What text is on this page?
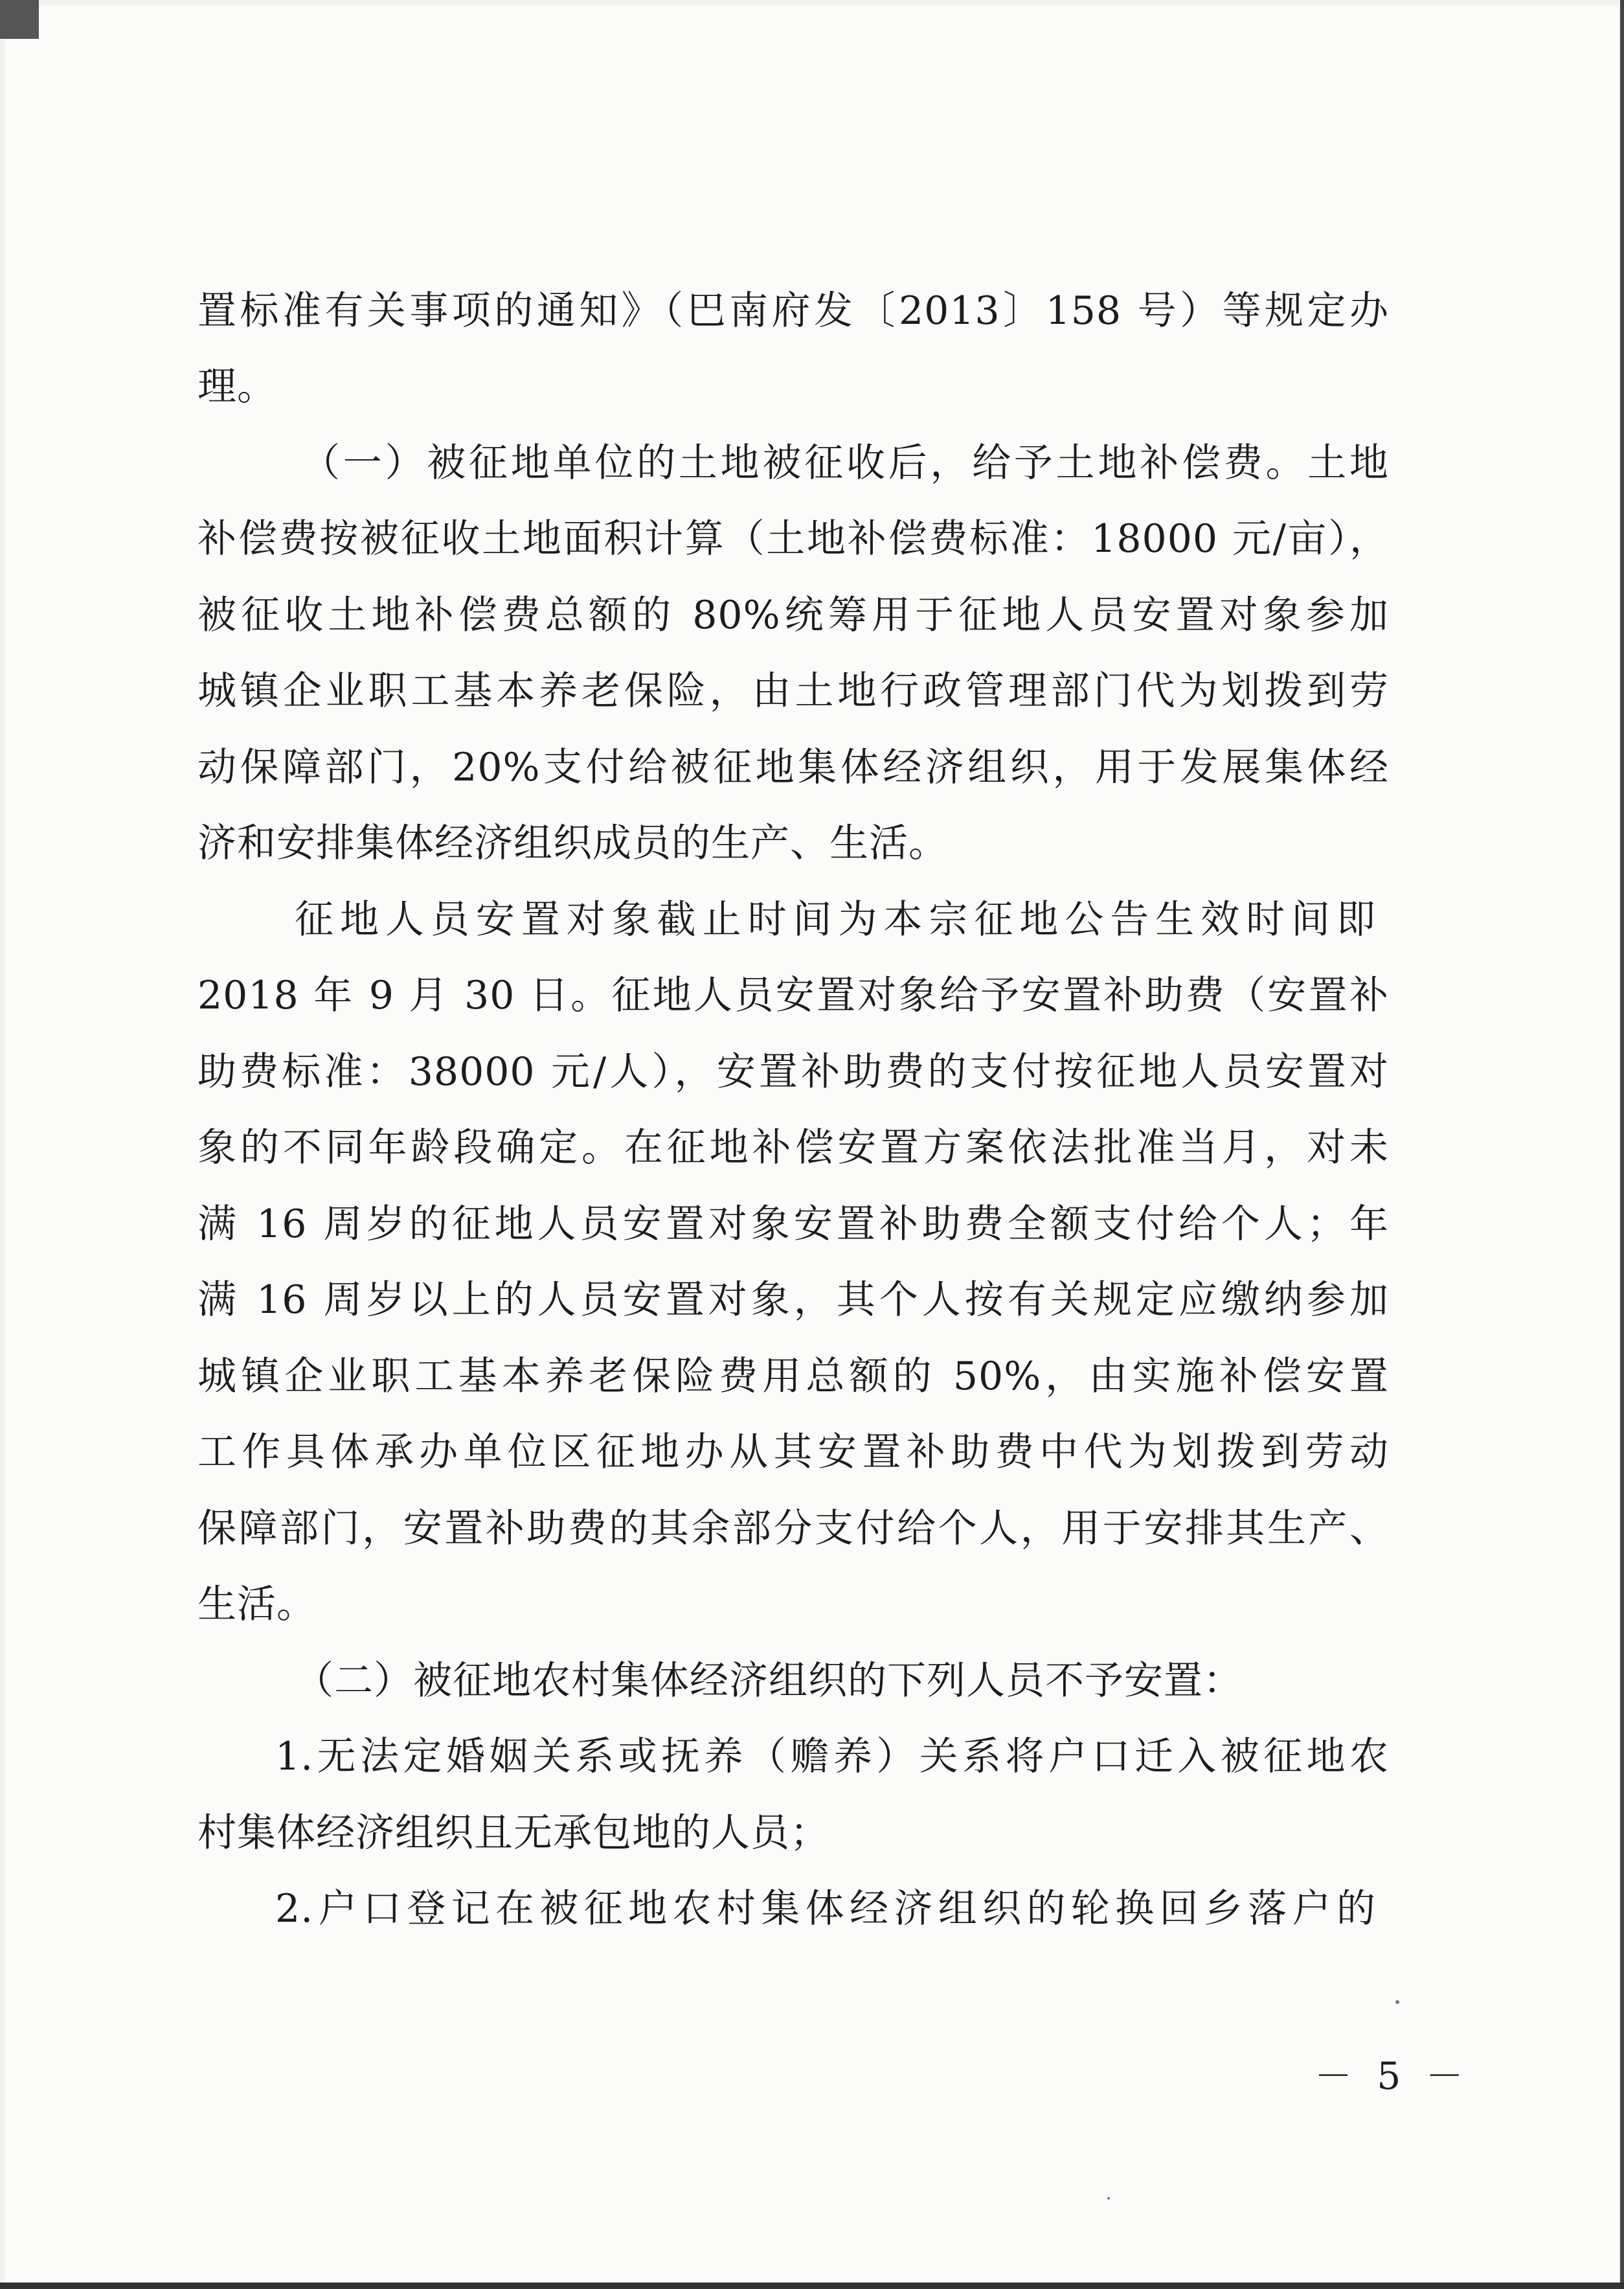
置标准有关事项的通知》（巴南府发〔2013〕158 号）等规定办
理。
（一）被征地单位的土地被征收后，给予土地补偿费。土地
补偿费按被征收土地面积计算（土地补偿费标准：18000 元/亩），
被征收土地补偿费总额的 80%统筹用于征地人员安置对象参加
城镇企业职工基本养老保险，由土地行政管理部门代为划拨到劳
动保障部门，20%支付给被征地集体经济组织，用于发展集体经
济和安排集体经济组织成员的生产、生活。
征地人员安置对象截止时间为本宗征地公告生效时间即
2018 年 9 月 30 日。征地人员安置对象给予安置补助费（安置补
助费标准：38000 元/人），安置补助费的支付按征地人员安置对
象的不同年龄段确定。在征地补偿安置方案依法批准当月，对未
满 16 周岁的征地人员安置对象安置补助费全额支付给个人；年
满 16 周岁以上的人员安置对象，其个人按有关规定应缴纳参加
城镇企业职工基本养老保险费用总额的 50%，由实施补偿安置
工作具体承办单位区征地办从其安置补助费中代为划拨到劳动
保障部门，安置补助费的其余部分支付给个人，用于安排其生产、
生活。
（二）被征地农村集体经济组织的下列人员不予安置：
1.无法定婚姻关系或抚养（赡养）关系将户口迁入被征地农
村集体经济组织且无承包地的人员；
2.户口登记在被征地农村集体经济组织的轮换回乡落户的
－ 5 －
